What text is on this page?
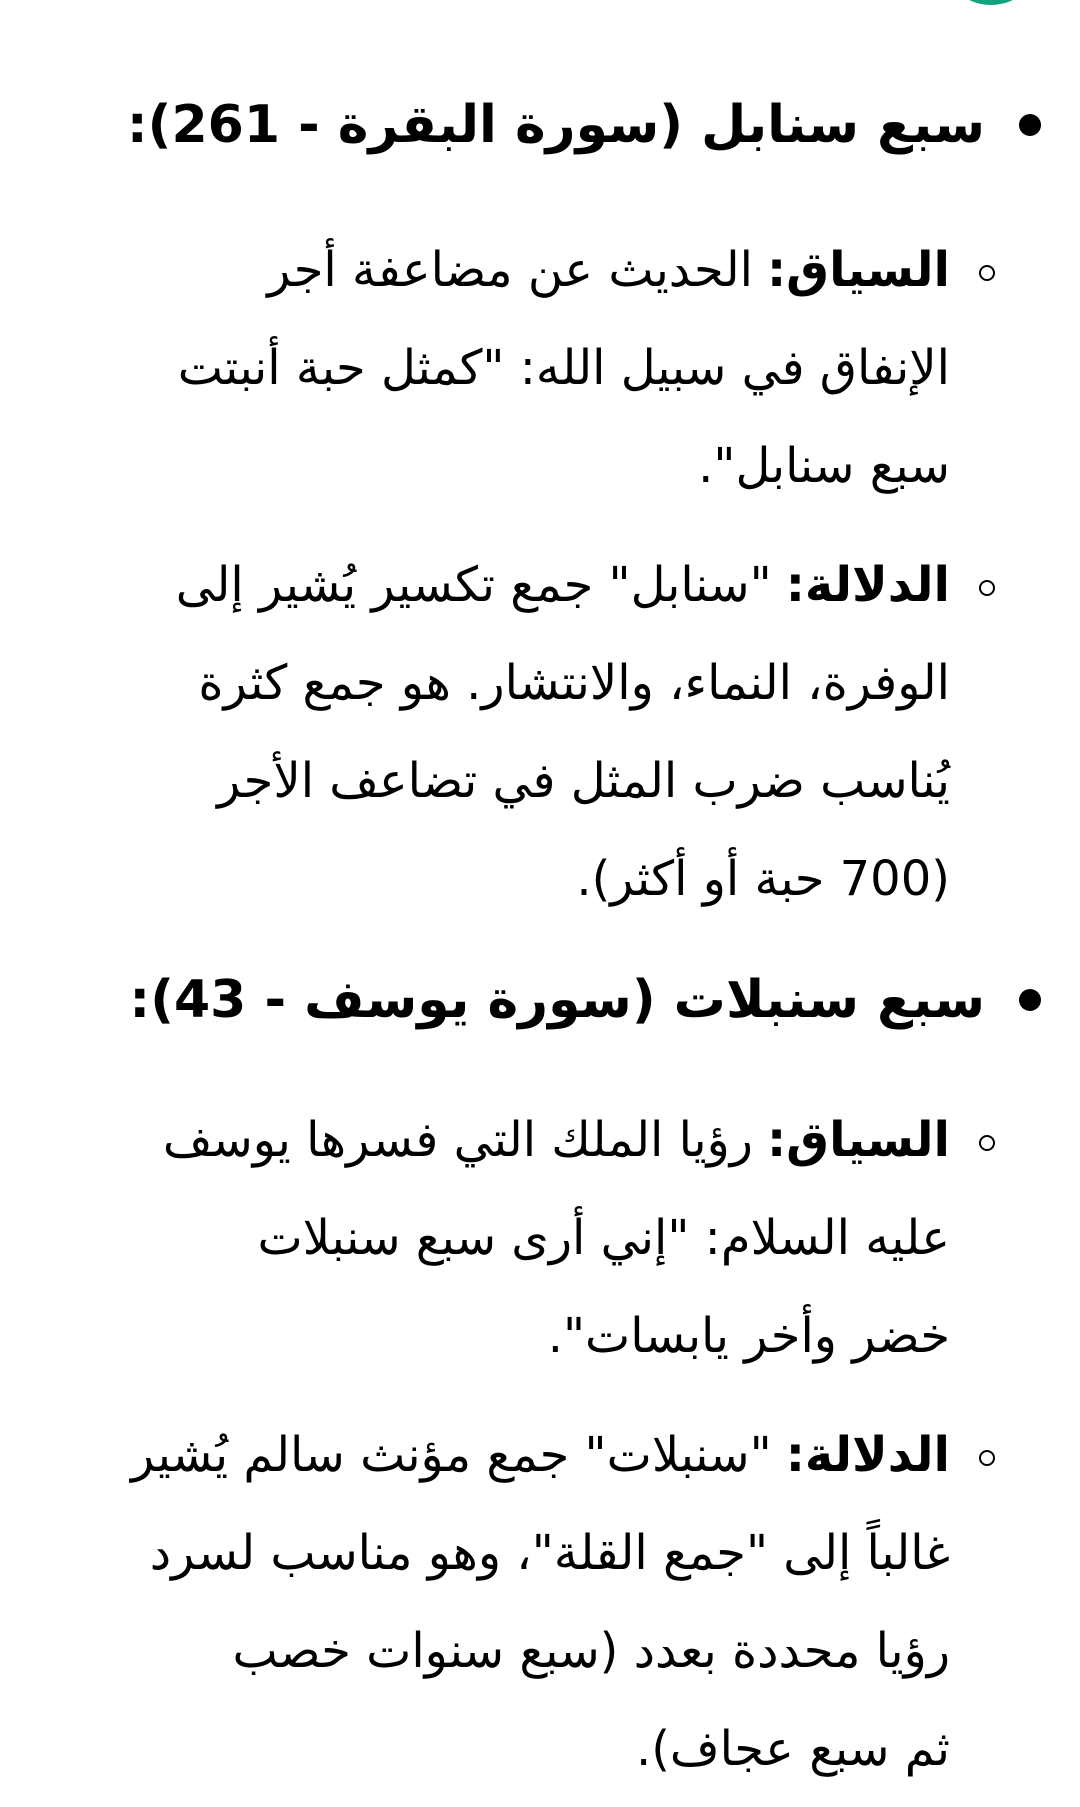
سبع سنابل (سورة البقرة - 261):
السياق:الحديث عن مضاعفة أجر
الإنفاق في سبيل الله: "كمثل حبة أنبتت
سبع سنابل".
الدلالة:"سنابل" جمع تكسير يُشير إلى
الوفرة، النماء، والانتشار. هو جمع كثرة
يُناسب ضرب المثل في تضاعف الأجر
(700 حبة أو أكثر).
سبع سنبلات (سورة يوسف - 43):
السياق:رؤيا الملك التي فسرها يوسف
عليه السلام: "إني أرى سبع سنبلات
خضر وأخر يابسات".
الدلالة:"سنبلات" جمع مؤنث سالم يُشير
غالباً إلى "جمع القلة"، وهو مناسب لسرد
رؤيا محددة بعدد (سبع سنوات خصب
ثم سبع عجاف).
